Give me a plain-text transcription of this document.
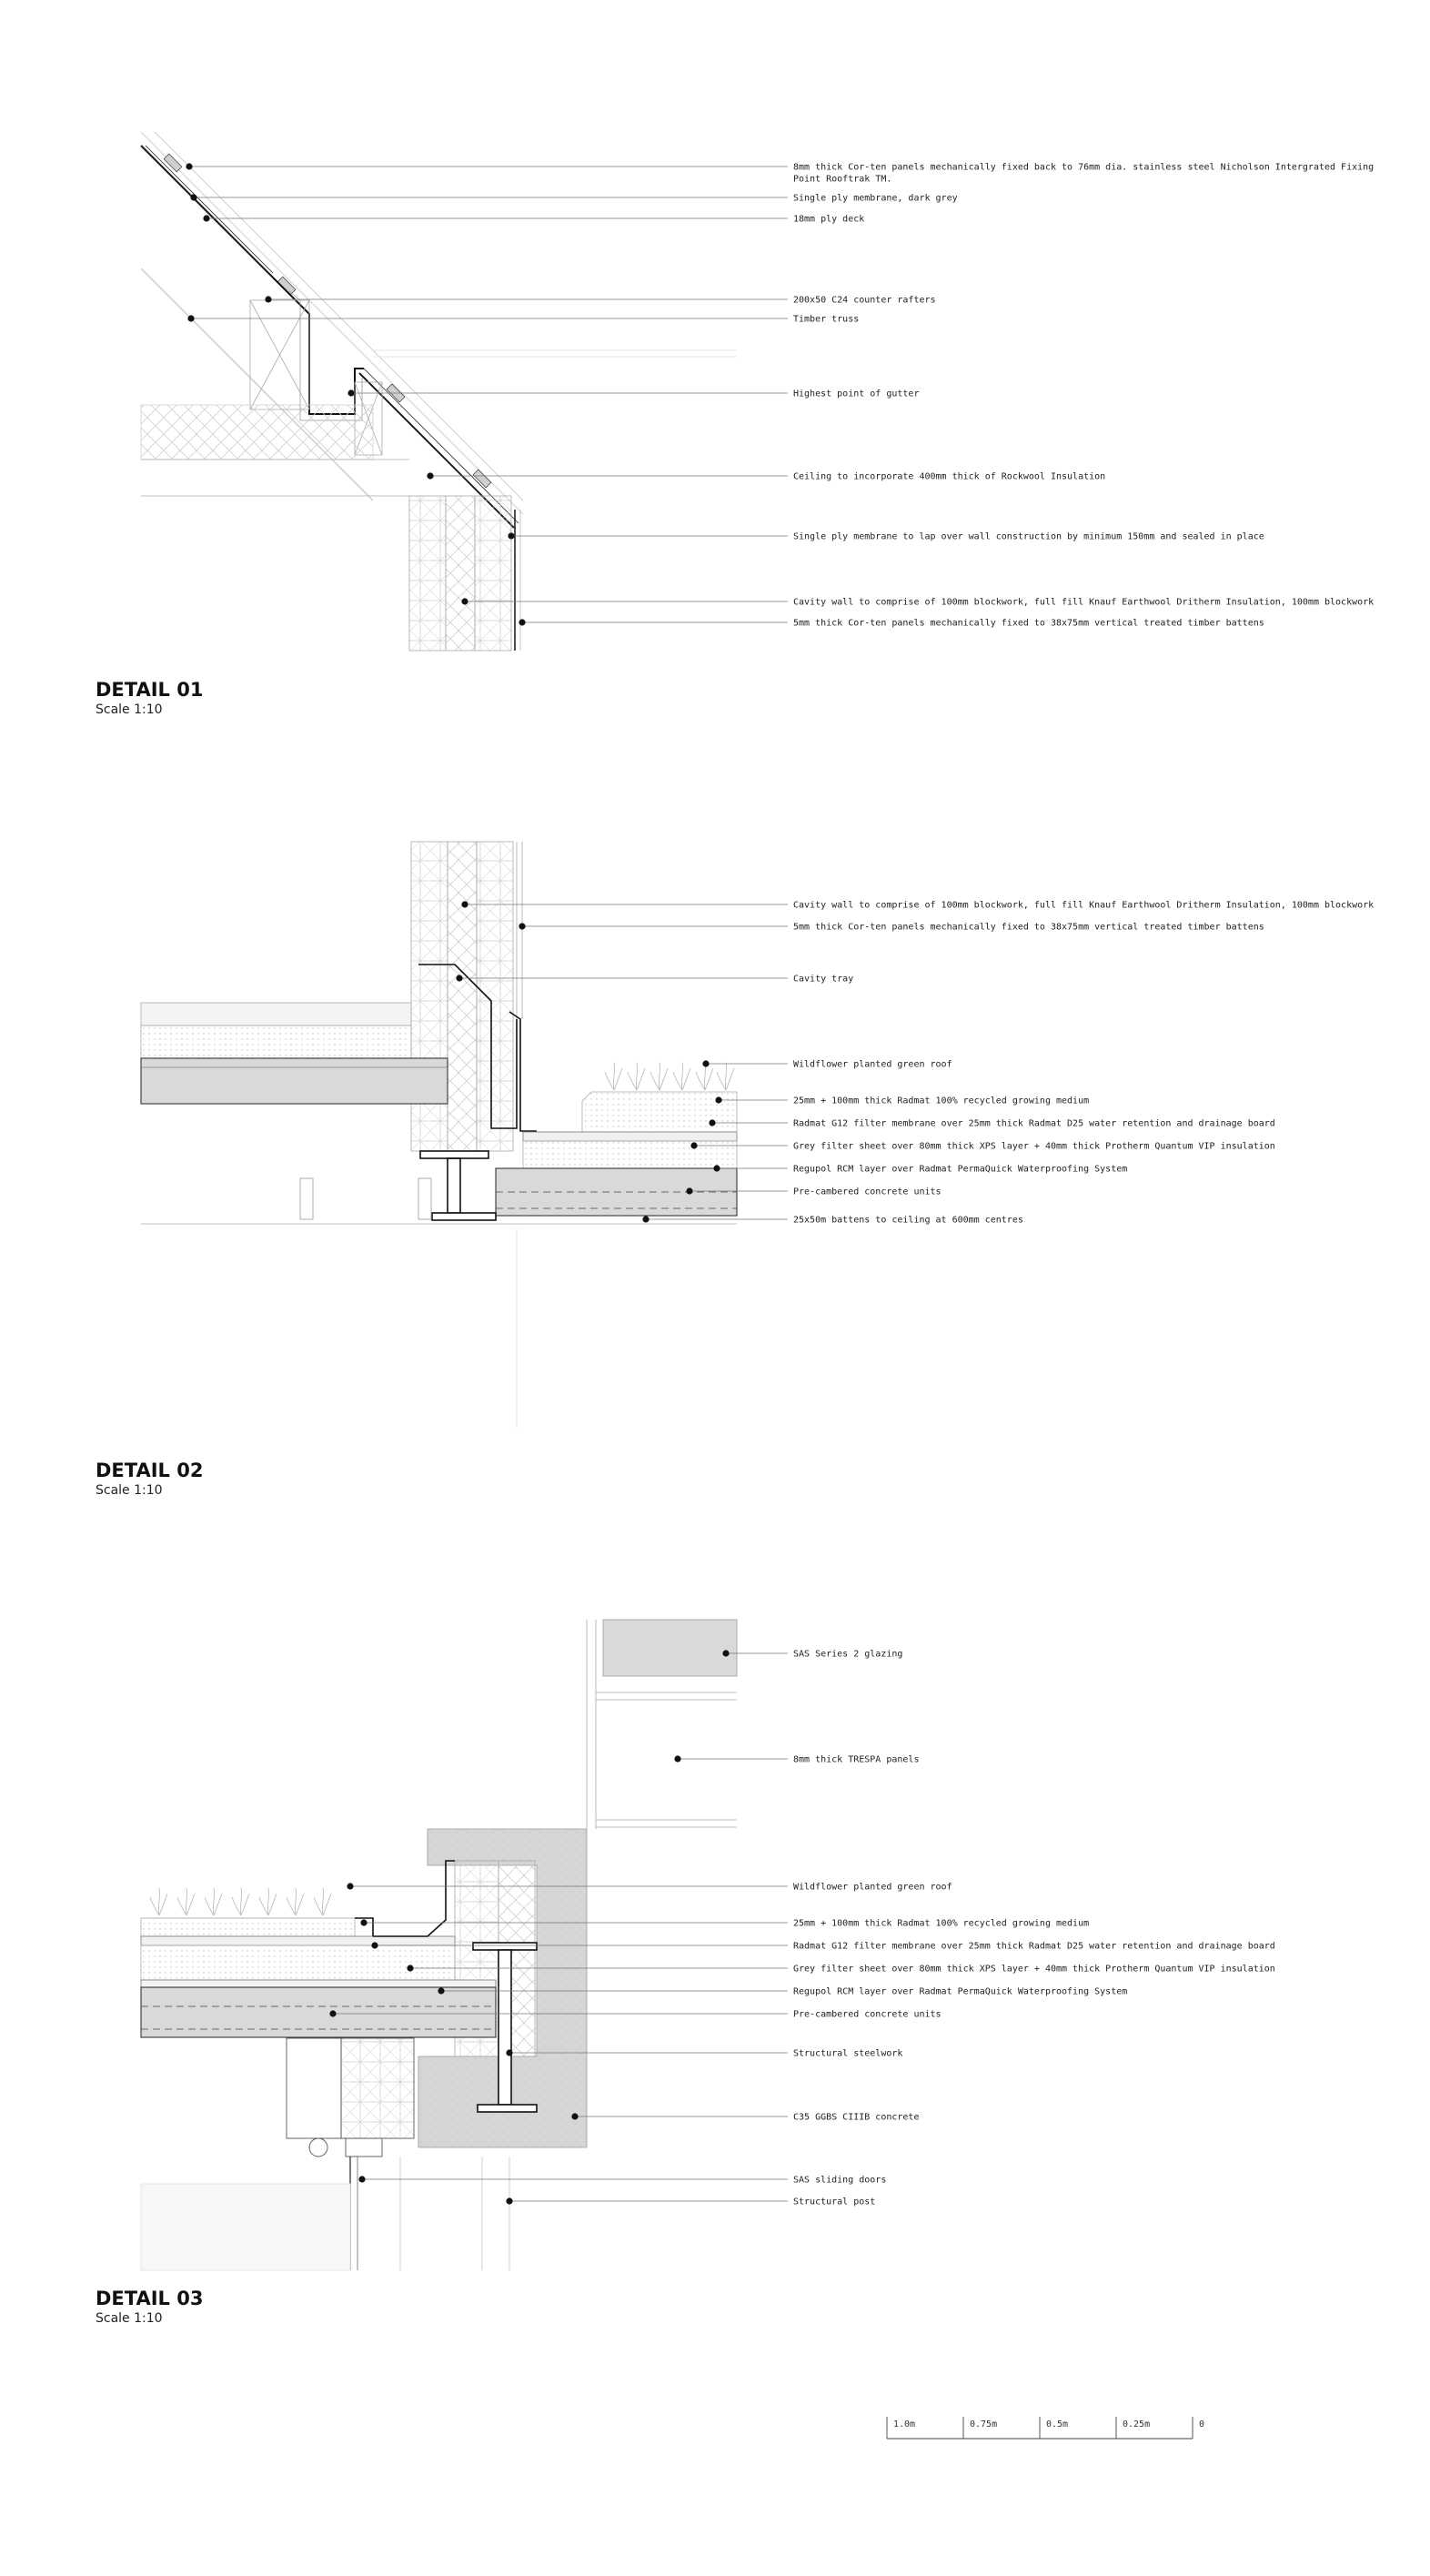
DETAIL 01
Scale 1:10
DETAIL 02
Scale 1:10
DETAIL 03
Scale 1:10
8mm thick Cor-ten panels mechanically fixed back to 76mm dia. stainless steel Nicholson Intergrated Fixing
Point Rooftrak TM.
Single ply membrane, dark grey
18mm ply deck
200x50 C24 counter rafters
Timber truss
Highest point of gutter
Ceiling to incorporate 400mm thick of Rockwool Insulation
Single ply membrane to lap over wall construction by minimum 150mm and sealed in place
Cavity wall to comprise of 100mm blockwork, full fill Knauf Earthwool Dritherm Insulation, 100mm blockwork
5mm thick Cor-ten panels mechanically fixed to 38x75mm vertical treated timber battens
Cavity wall to comprise of 100mm blockwork, full fill Knauf Earthwool Dritherm Insulation, 100mm blockwork
5mm thick Cor-ten panels mechanically fixed to 38x75mm vertical treated timber battens
Cavity tray
Wildflower planted green roof
25mm + 100mm thick Radmat 100% recycled growing medium
Radmat G12 filter membrane over 25mm thick Radmat D25 water retention and drainage board
Grey filter sheet over 80mm thick XPS layer + 40mm thick Protherm Quantum VIP insulation
Regupol RCM layer over Radmat PermaQuick Waterproofing System
Pre-cambered concrete units
25x50m battens to ceiling at 600mm centres
SAS Series 2 glazing
8mm thick TRESPA panels
Wildflower planted green roof
25mm + 100mm thick Radmat 100% recycled growing medium
Radmat G12 filter membrane over 25mm thick Radmat D25 water retention and drainage board
Grey filter sheet over 80mm thick XPS layer + 40mm thick Protherm Quantum VIP insulation
Regupol RCM layer over Radmat PermaQuick Waterproofing System
Pre-cambered concrete units
Structural steelwork
C35 GGBS CIIIB concrete
SAS sliding doors
Structural post
1.0m	0.75m	0.5m	0.25m	0
